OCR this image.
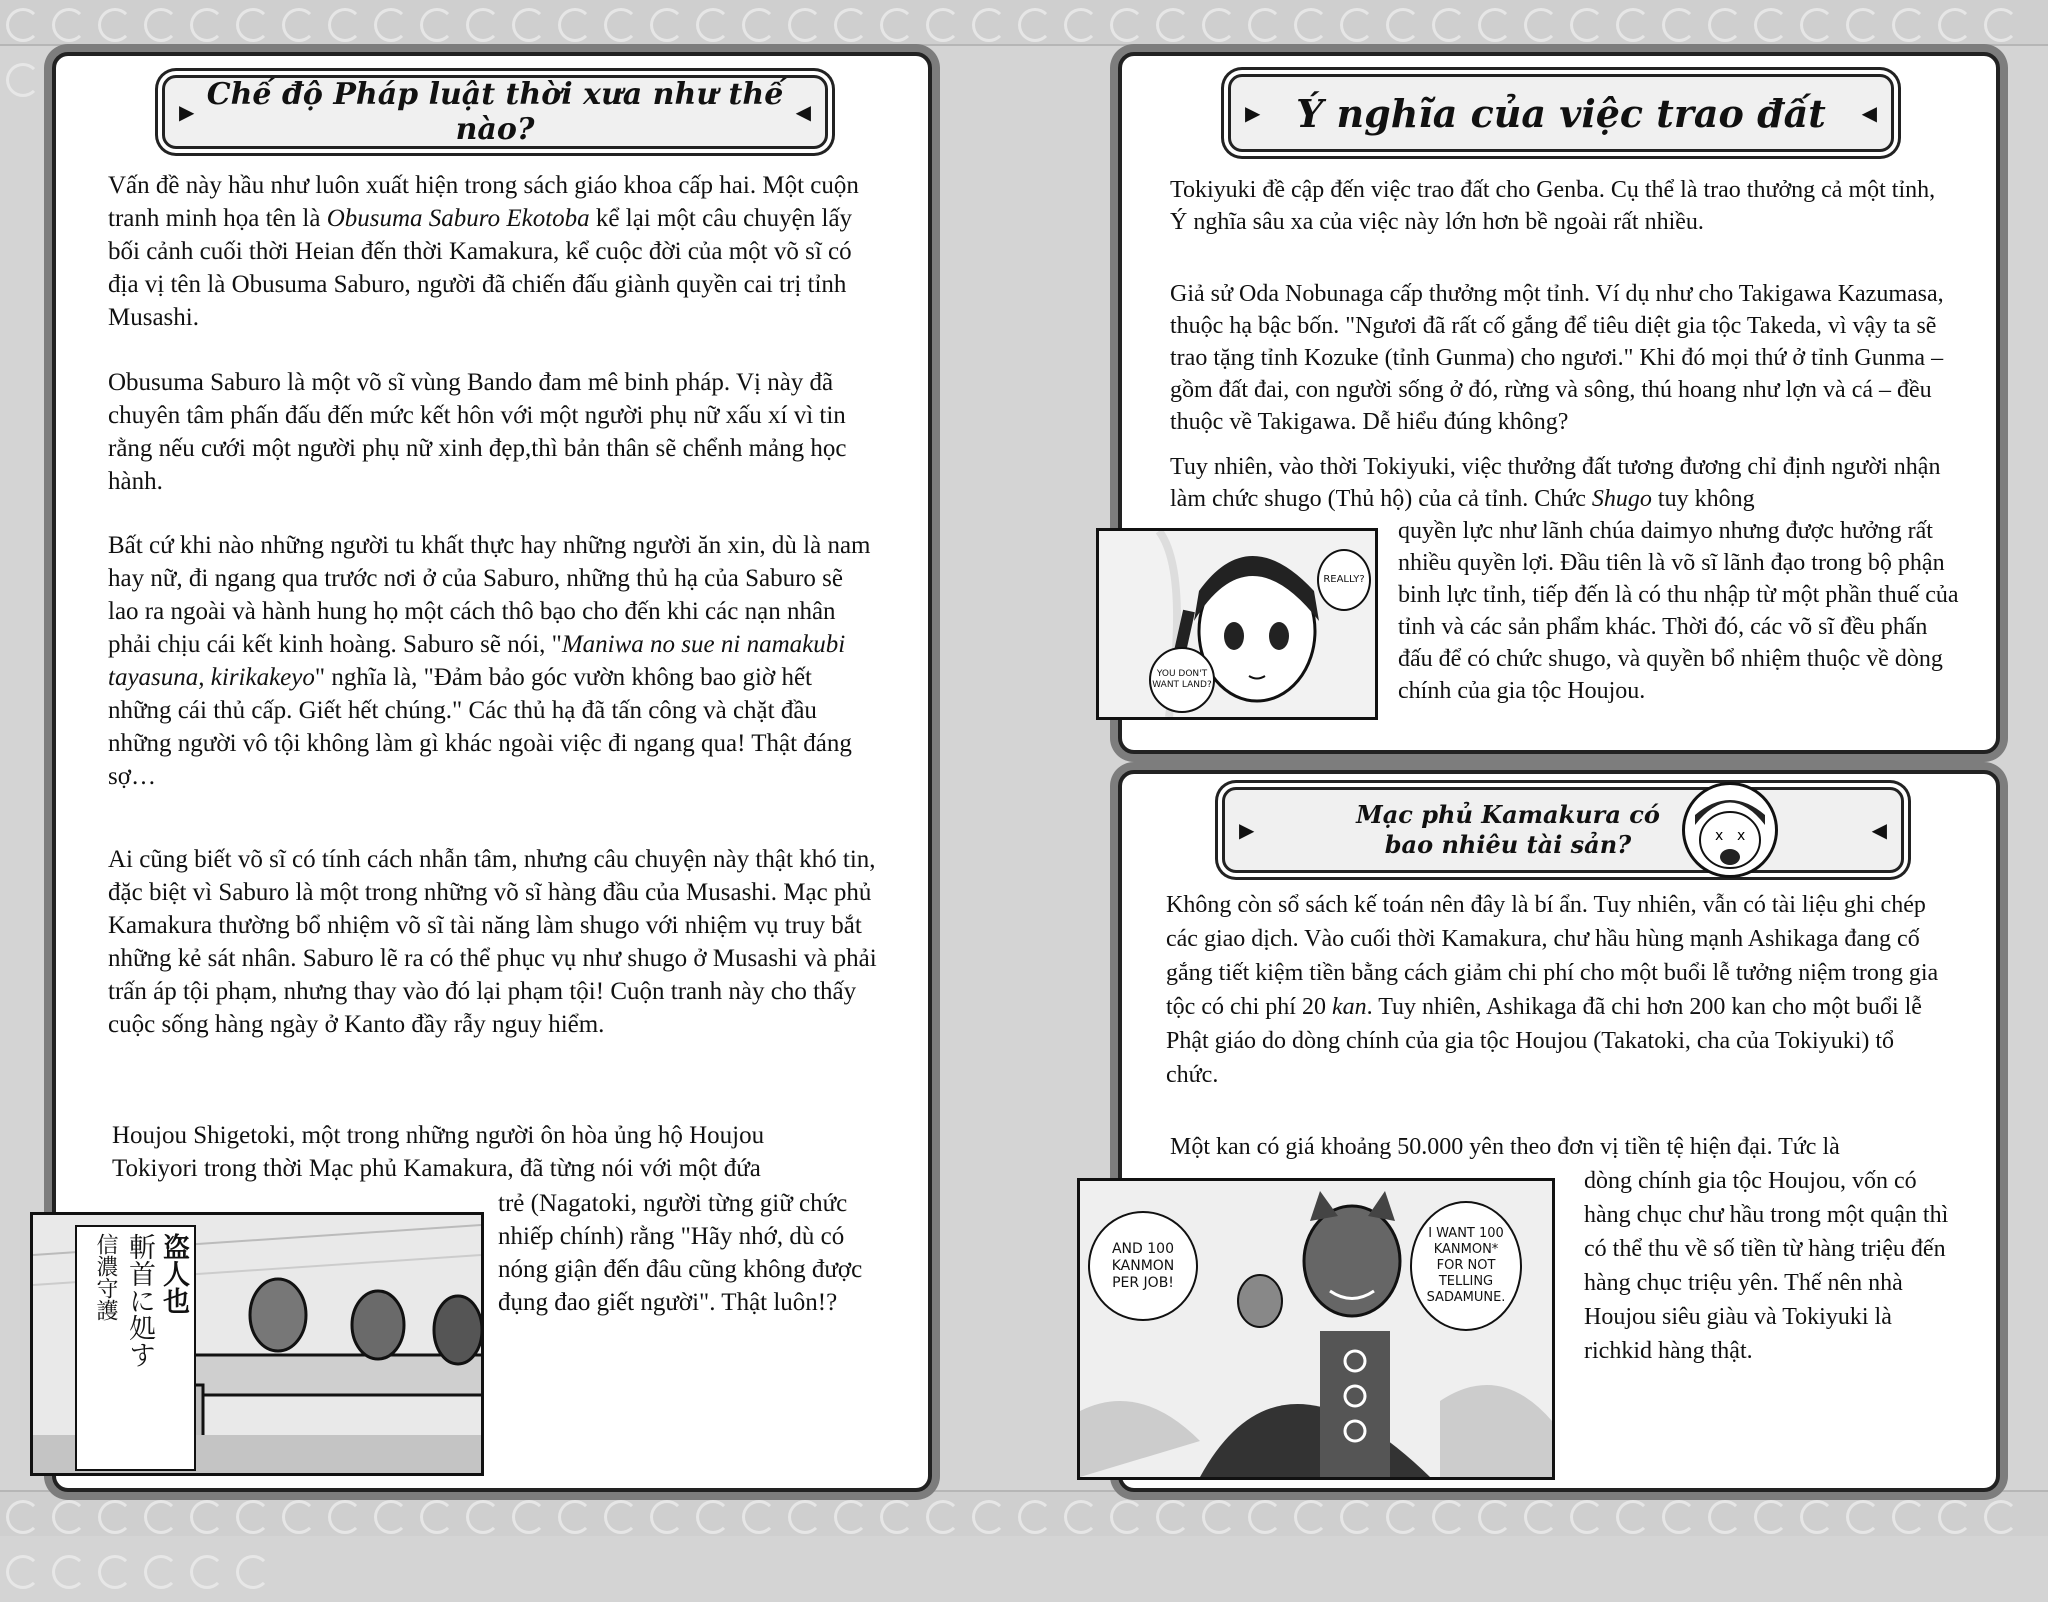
▶ Chế độ Pháp luật thời xưa như thế nào?	◀

Vấn đề này hầu như luôn xuất hiện trong sách giáo khoa cấp hai. Một cuộn tranh minh họa tên là Obusuma Saburo Ekotoba kể lại một câu chuyện lấy bối cảnh cuối thời Heian đến thời Kamakura, kể cuộc đời của một võ sĩ có địa vị tên là Obusuma Saburo, người đã chiến đấu giành quyền cai trị tỉnh Musashi.

Obusuma Saburo là một võ sĩ vùng Bando đam mê binh pháp. Vị này đã chuyên tâm phấn đấu đến mức kết hôn với một người phụ nữ xấu xí vì tin rằng nếu cưới một người phụ nữ xinh đẹp,thì bản thân sẽ chểnh mảng học hành.

Bất cứ khi nào những người tu khất thực hay những người ăn xin, dù là nam hay nữ, đi ngang qua trước nơi ở của Saburo, những thủ hạ của Saburo sẽ lao ra ngoài và hành hung họ một cách thô bạo cho đến khi các nạn nhân phải chịu cái kết kinh hoàng. Saburo sẽ nói, "Maniwa no sue ni namakubi tayasuna, kirikakeyo" nghĩa là, "Đảm bảo góc vườn không bao giờ hết những cái thủ cấp. Giết hết chúng." Các thủ hạ đã tấn công và chặt đầu những người vô tội không làm gì khác ngoài việc đi ngang qua! Thật đáng sợ…

Ai cũng biết võ sĩ có tính cách nhẫn tâm, nhưng câu chuyện này thật khó tin, đặc biệt vì Saburo là một trong những võ sĩ hàng đầu của Musashi. Mạc phủ Kamakura thường bổ nhiệm võ sĩ tài năng làm shugo với nhiệm vụ truy bắt những kẻ sát nhân. Saburo lẽ ra có thể phục vụ như shugo ở Musashi và phải trấn áp tội phạm, nhưng thay vào đó lại phạm tội! Cuộn tranh này cho thấy cuộc sống hàng ngày ở Kanto đầy rẫy nguy hiểm.

Houjou Shigetoki, một trong những người ôn hòa ủng hộ Houjou Tokiyori trong thời Mạc phủ Kamakura, đã từng nói với một đứa

trẻ (Nagatoki, người từng giữ chức nhiếp chính) rằng "Hãy nhớ, dù có nóng giận đến đâu cũng không được đụng đao giết người". Thật luôn!?

盗人也
斬首に処す
信濃守護
▶ Ý nghĩa của việc trao đất ◀

Tokiyuki đề cập đến việc trao đất cho Genba. Cụ thể là trao thưởng cả một tỉnh, Ý nghĩa sâu xa của việc này lớn hơn bề ngoài rất nhiều.

Giả sử Oda Nobunaga cấp thưởng một tỉnh. Ví dụ như cho Takigawa Kazumasa, thuộc hạ bậc bốn. "Ngươi đã rất cố gắng để tiêu diệt gia tộc Takeda, vì vậy ta sẽ trao tặng tỉnh Kozuke (tỉnh Gunma) cho ngươi." Khi đó mọi thứ ở tỉnh Gunma – gồm đất đai, con người sống ở đó, rừng và sông, thú hoang như lợn và cá – đều thuộc về Takigawa. Dễ hiểu đúng không?

Tuy nhiên, vào thời Tokiyuki, việc thưởng đất tương đương chỉ định người nhận làm chức shugo (Thủ hộ) của cả tỉnh. Chức Shugo tuy không

quyền lực như lãnh chúa daimyo nhưng được hưởng rất nhiều quyền lợi. Đầu tiên là võ sĩ lãnh đạo trong bộ phận binh lực tỉnh, tiếp đến là có thu nhập từ một phần thuế của tỉnh và các sản phẩm khác. Thời đó, các võ sĩ đều phấn đấu để có chức shugo, và quyền bổ nhiệm thuộc về dòng chính của gia tộc Houjou.

REALLY?
YOU DON'T WANT LAND?
▶
Mạc phủ Kamakura có bao nhiêu tài sản?	◀
x x

Không còn sổ sách kế toán nên đây là bí ẩn. Tuy nhiên, vẫn có tài liệu ghi chép các giao dịch. Vào cuối thời Kamakura, chư hầu hùng mạnh Ashikaga đang cố gắng tiết kiệm tiền bằng cách giảm chi phí cho một buổi lễ tưởng niệm trong gia tộc có chi phí 20 kan. Tuy nhiên, Ashikaga đã chi hơn 200 kan cho một buổi lễ Phật giáo do dòng chính của gia tộc Houjou (Takatoki, cha của Tokiyuki) tổ chức.

Một kan có giá khoảng 50.000 yên theo đơn vị tiền tệ hiện đại. Tức là

dòng chính gia tộc Houjou, vốn có hàng chục chư hầu trong một quận thì có thể thu về số tiền từ hàng triệu đến hàng chục triệu yên. Thế nên nhà Houjou siêu giàu và Tokiyuki là richkid hàng thật.

AND 100 KANMON PER JOB!
I WANT 100 KANMON* FOR NOT TELLING SADAMUNE.
